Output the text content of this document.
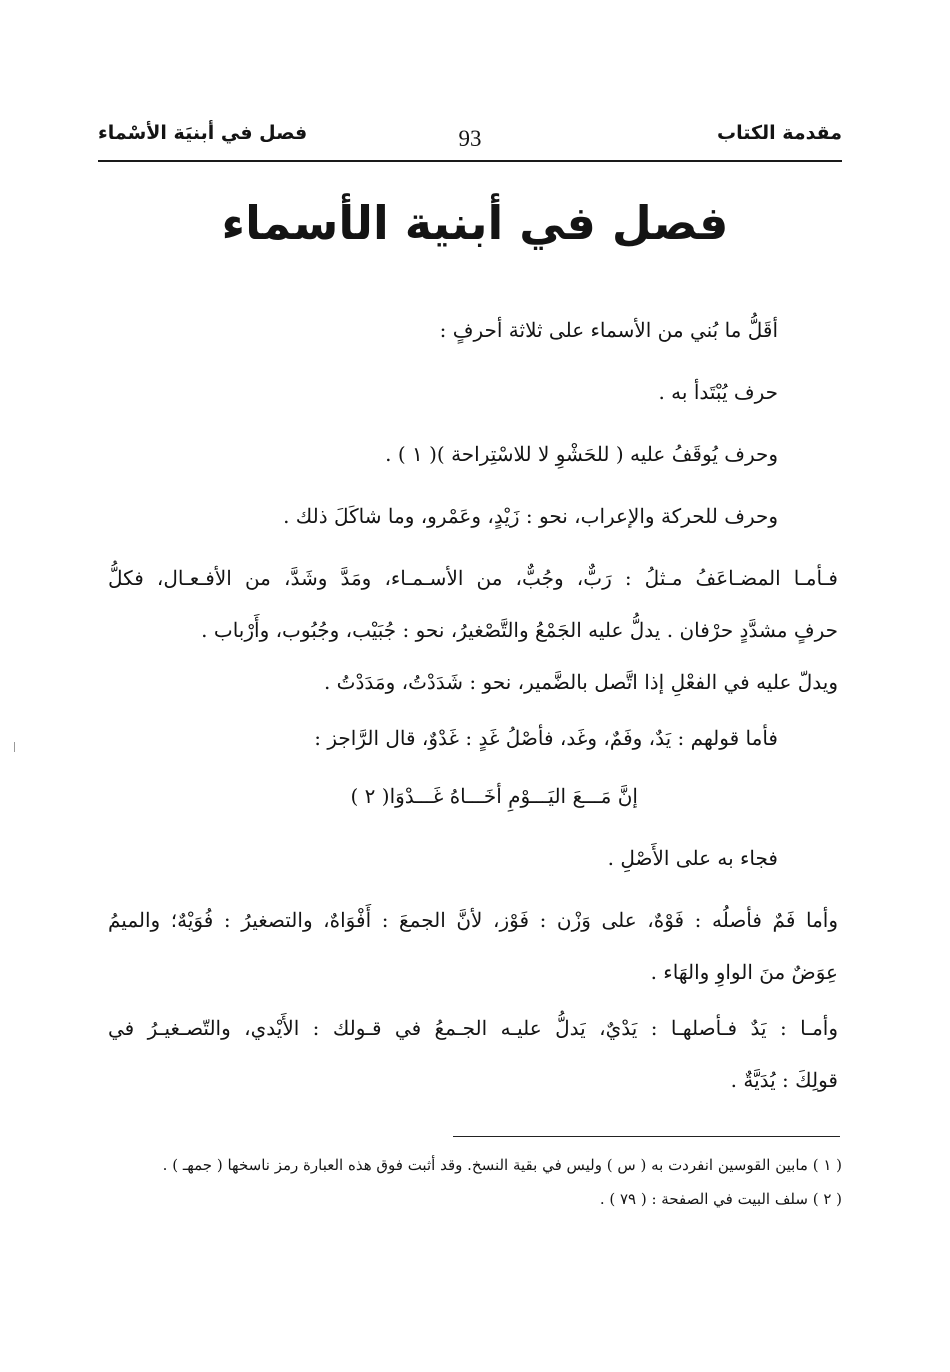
مقدمة الكتاب
93
فصل في أبنيَة الأسْماء
فصل في أبنية الأسماء
أقَلُّ ما بُني من الأسماء على ثلاثة أحرفٍ :
حرف يُبْتَدأ به .
وحرف يُوقَفُ عليه ( للحَشْوِ لا للاسْتِراحة )( ١ ) .
وحرف للحركة والإعراب، نحو : زَيْدٍ، وعَمْرو، وما شاكَلَ ذلك .
فـأمـا المضـاعَفُ مـثلُ : رَبٌّ، وجُبٌّ، من الأسـمـاء، ومَدَّ وشَدَّ، من الأفـعـال، فكلُّ
حرفٍ مشدَّدٍ حرْفان . يدلُّ عليه الجَمْعُ والتَّصْغيرُ، نحو : جُبَيْب، وجُبُوب، وأَرْباب .
ويدلّ عليه في الفعْلِ إذا اتَّصل بالضَّمير، نحو : شَدَدْتُ، ومَدَدْتُ .
فأما قولهم : يَدٌ، وفَمٌ، وغَد، فأصْلُ غَدٍ : غَدْوٌ، قال الرَّاجز :
إنَّ مَـــعَ اليَـــوْمِ أخَـــاهُ غَـــدْوَا( ٢ )
فجاء به على الأَصْلِ .
وأما فَمٌ فأصلُه : فَوْهٌ، على وَزْن : فَوْز، لأنَّ الجمعَ : أَفْوَاهٌ، والتصغيرُ : فُوَيْهٌ؛ والميمُ
عِوَضٌ منَ الواوِ والهَاء .
وأمـا : يَدٌ فـأصلهـا : يَدْيٌ، يَدلُّ عليـه الجـمعُ في قـولك : الأَيْدي، والتّصـغيـرُ في
قولِكَ : يُدَيَّةٌ .
( ١ ) مابين القوسين انفردت به ( س ) وليس في بقية النسخ. وقد أثبت فوق هذه العبارة رمز ناسخها ( جمهـ ) .
( ٢ ) سلف البيت في الصفحة : ( ٧٩ ) .
